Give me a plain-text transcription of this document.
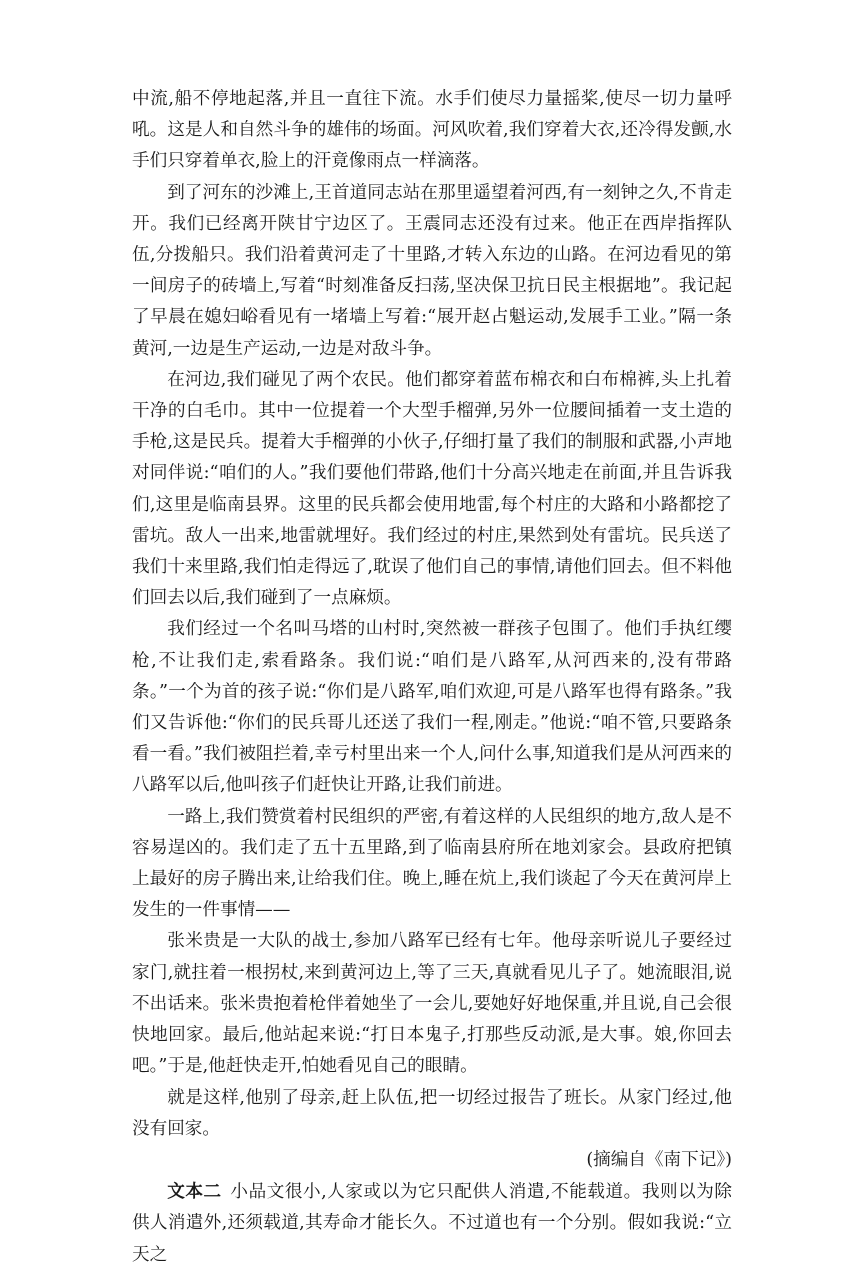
中流,船不停地起落,并且一直往下流。水手们使尽力量摇桨,使尽一切力量呼吼。这是人和自然斗争的雄伟的场面。河风吹着,我们穿着大衣,还冷得发颤,水手们只穿着单衣,脸上的汗竟像雨点一样滴落。

到了河东的沙滩上,王首道同志站在那里遥望着河西,有一刻钟之久,不肯走开。我们已经离开陕甘宁边区了。王震同志还没有过来。他正在西岸指挥队伍,分拨船只。我们沿着黄河走了十里路,才转入东边的山路。在河边看见的第一间房子的砖墙上,写着“时刻准备反扫荡,坚决保卫抗日民主根据地”。我记起了早晨在媳妇峪看见有一堵墙上写着:“展开赵占魁运动,发展手工业。”隔一条黄河,一边是生产运动,一边是对敌斗争。

在河边,我们碰见了两个农民。他们都穿着蓝布棉衣和白布棉裤,头上扎着干净的白毛巾。其中一位提着一个大型手榴弹,另外一位腰间插着一支土造的手枪,这是民兵。提着大手榴弹的小伙子,仔细打量了我们的制服和武器,小声地对同伴说:“咱们的人。”我们要他们带路,他们十分高兴地走在前面,并且告诉我们,这里是临南县界。这里的民兵都会使用地雷,每个村庄的大路和小路都挖了雷坑。敌人一出来,地雷就埋好。我们经过的村庄,果然到处有雷坑。民兵送了我们十来里路,我们怕走得远了,耽误了他们自己的事情,请他们回去。但不料他们回去以后,我们碰到了一点麻烦。

我们经过一个名叫马塔的山村时,突然被一群孩子包围了。他们手执红缨枪,不让我们走,索看路条。我们说:“咱们是八路军,从河西来的,没有带路条。”一个为首的孩子说:“你们是八路军,咱们欢迎,可是八路军也得有路条。”我们又告诉他:“你们的民兵哥儿还送了我们一程,刚走。”他说:“咱不管,只要路条看一看。”我们被阻拦着,幸亏村里出来一个人,问什么事,知道我们是从河西来的八路军以后,他叫孩子们赶快让开路,让我们前进。

一路上,我们赞赏着村民组织的严密,有着这样的人民组织的地方,敌人是不容易逞凶的。我们走了五十五里路,到了临南县府所在地刘家会。县政府把镇上最好的房子腾出来,让给我们住。晚上,睡在炕上,我们谈起了今天在黄河岸上发生的一件事情——

张米贵是一大队的战士,参加八路军已经有七年。他母亲听说儿子要经过家门,就拄着一根拐杖,来到黄河边上,等了三天,真就看见儿子了。她流眼泪,说不出话来。张米贵抱着枪伴着她坐了一会儿,要她好好地保重,并且说,自己会很快地回家。最后,他站起来说:“打日本鬼子,打那些反动派,是大事。娘,你回去吧。”于是,他赶快走开,怕她看见自己的眼睛。

就是这样,他别了母亲,赶上队伍,把一切经过报告了班长。从家门经过,他没有回家。

(摘编自《南下记》)

文本二 小品文很小,人家或以为它只配供人消遣,不能载道。我则以为除供人消遣外,还须载道,其寿命才能长久。不过道也有一个分别。假如我说:“立天之
